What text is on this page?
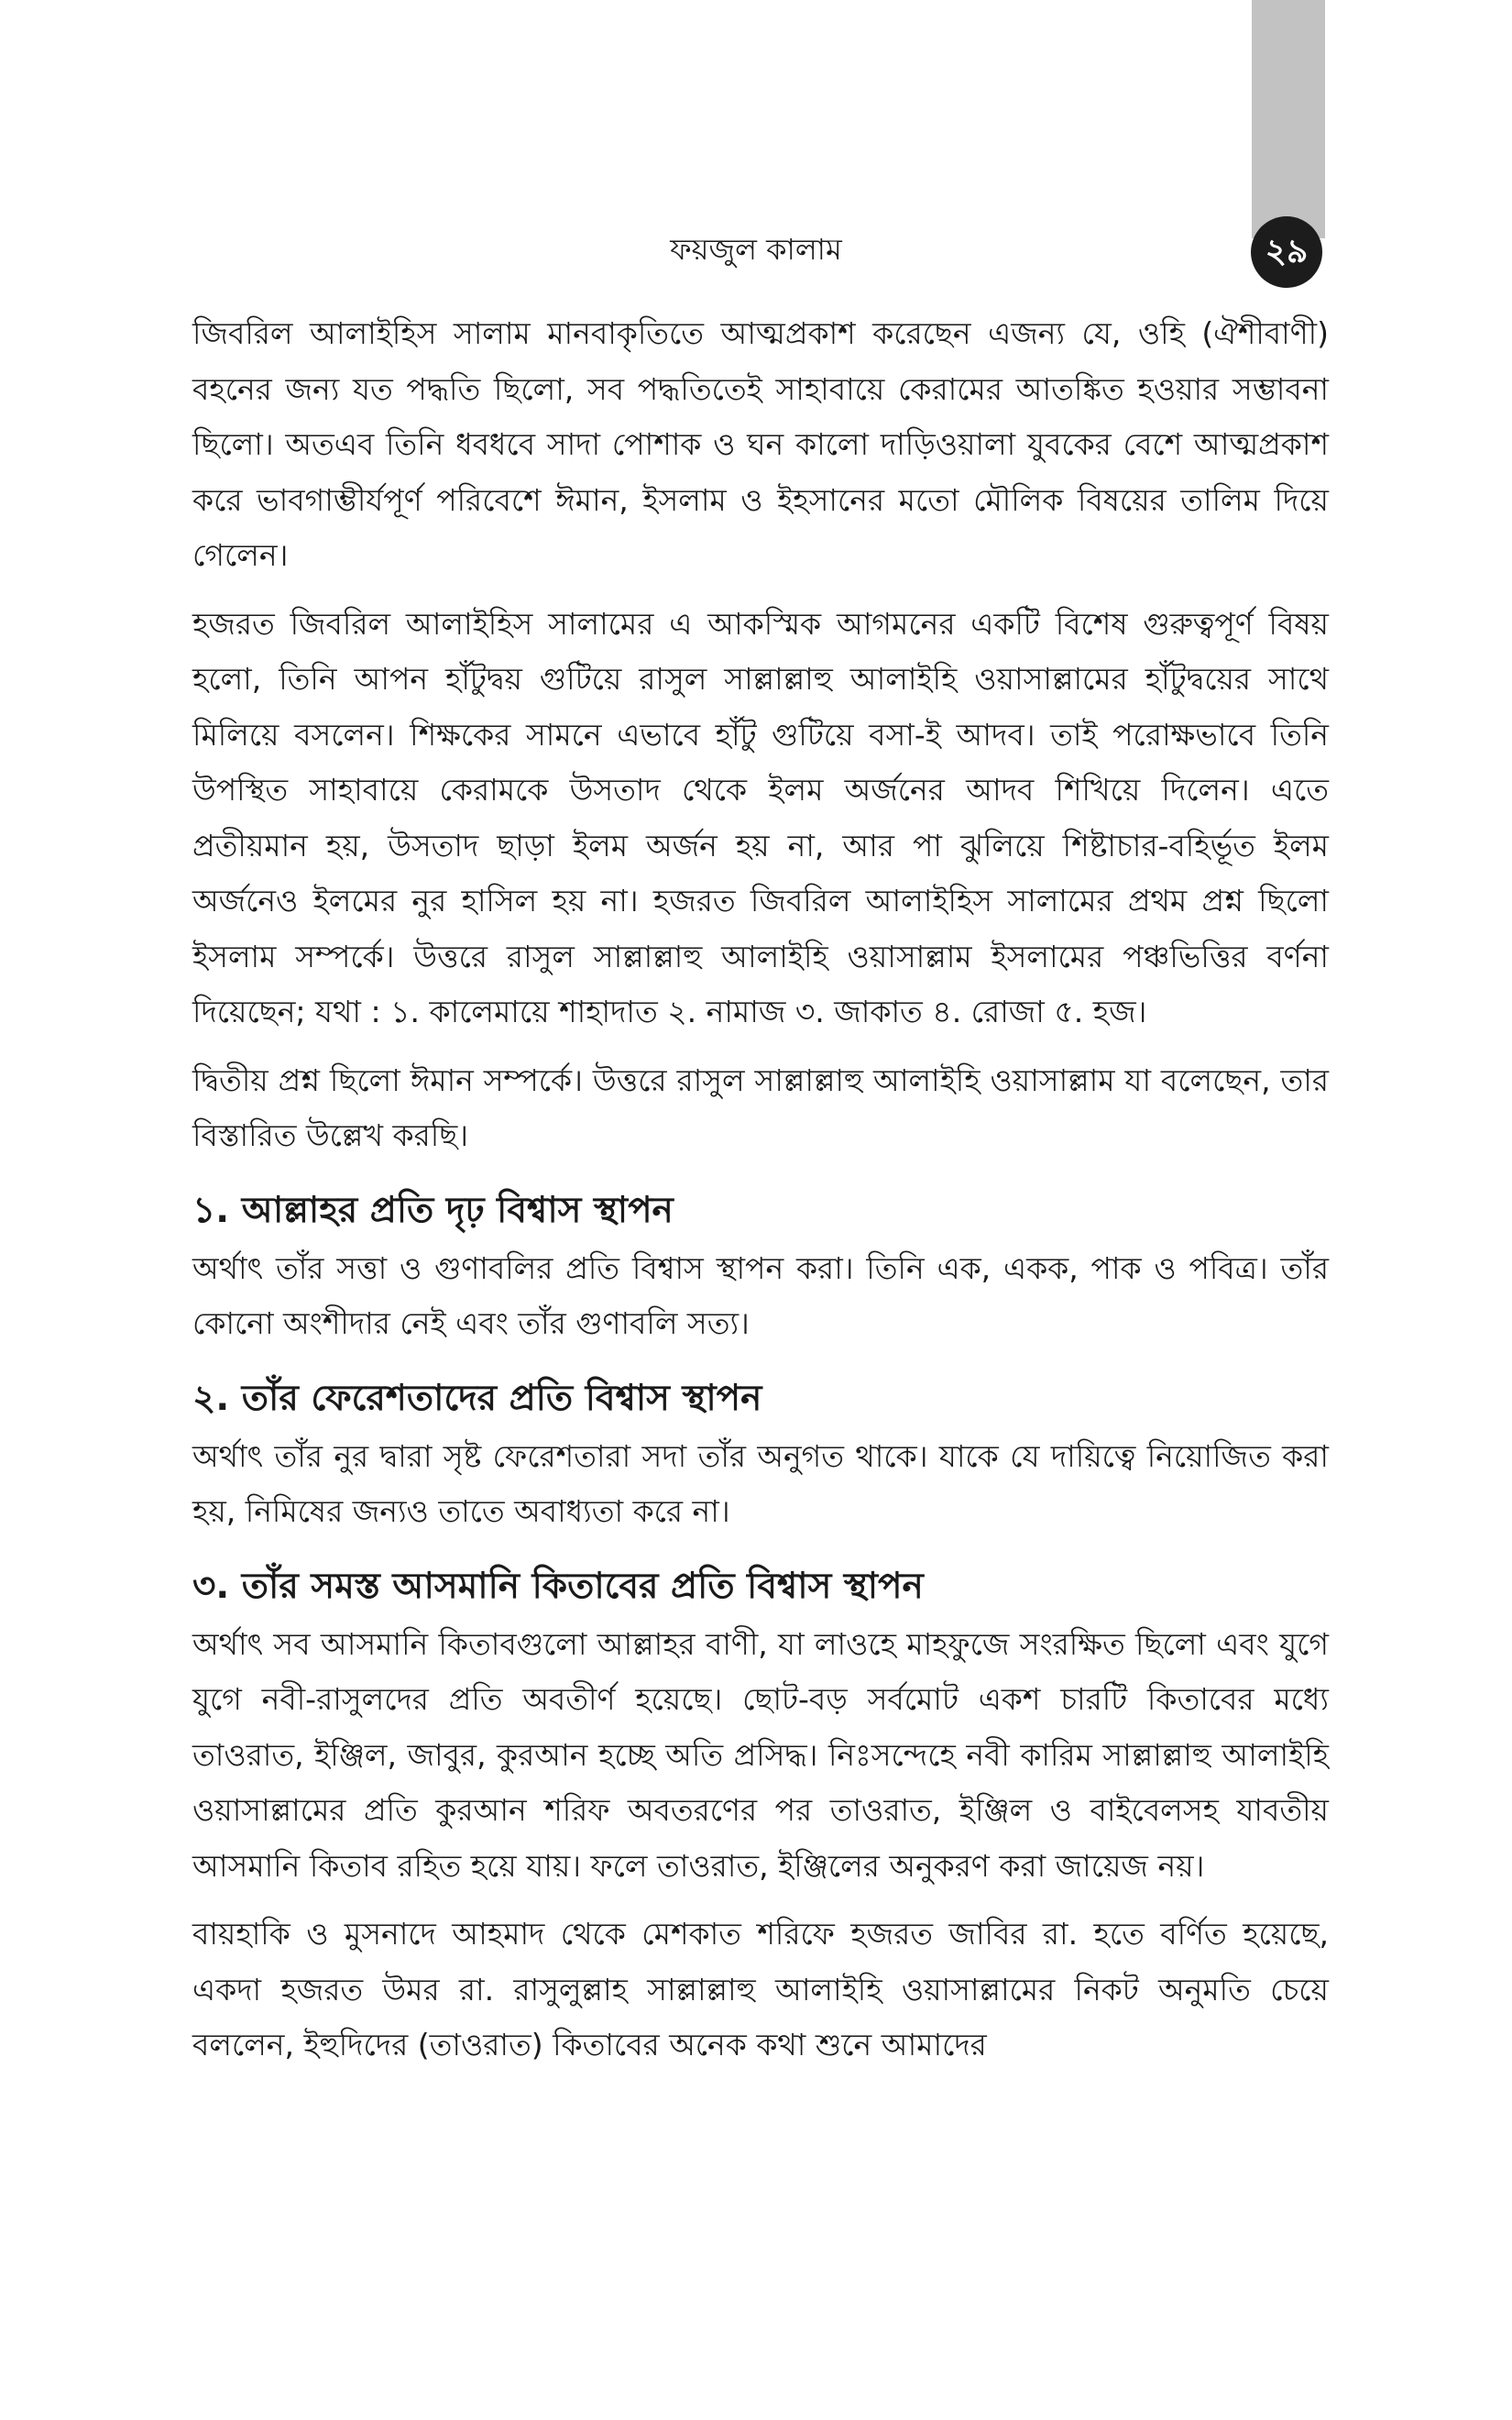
২৯
ফয়জুল কালাম

জিবরিল আলাইহিস সালাম মানবাকৃতিতে আত্মপ্রকাশ করেছেন এজন্য যে, ওহি (ঐশীবাণী) বহনের জন্য যত পদ্ধতি ছিলো, সব পদ্ধতিতেই সাহাবায়ে কেরামের আতঙ্কিত হওয়ার সম্ভাবনা ছিলো। অতএব তিনি ধবধবে সাদা পোশাক ও ঘন কালো দাড়িওয়ালা যুবকের বেশে আত্মপ্রকাশ করে ভাবগাম্ভীর্যপূর্ণ পরিবেশে ঈমান, ইসলাম ও ইহসানের মতো মৌলিক বিষয়ের তালিম দিয়ে গেলেন।

হজরত জিবরিল আলাইহিস সালামের এ আকস্মিক আগমনের একটি বিশেষ গুরুত্বপূর্ণ বিষয় হলো, তিনি আপন হাঁটুদ্বয় গুটিয়ে রাসুল সাল্লাল্লাহু আলাইহি ওয়াসাল্লামের হাঁটুদ্বয়ের সাথে মিলিয়ে বসলেন। শিক্ষকের সামনে এভাবে হাঁটু গুটিয়ে বসা-ই আদব। তাই পরোক্ষভাবে তিনি উপস্থিত সাহাবায়ে কেরামকে উসতাদ থেকে ইলম অর্জনের আদব শিখিয়ে দিলেন। এতে প্রতীয়মান হয়, উসতাদ ছাড়া ইলম অর্জন হয় না, আর পা ঝুলিয়ে শিষ্টাচার-বহির্ভূত ইলম অর্জনেও ইলমের নুর হাসিল হয় না। হজরত জিবরিল আলাইহিস সালামের প্রথম প্রশ্ন ছিলো ইসলাম সম্পর্কে। উত্তরে রাসুল সাল্লাল্লাহু আলাইহি ওয়াসাল্লাম ইসলামের পঞ্চভিত্তির বর্ণনা দিয়েছেন; যথা : ১. কালেমায়ে শাহাদাত ২. নামাজ ৩. জাকাত ৪. রোজা ৫. হজ।

দ্বিতীয় প্রশ্ন ছিলো ঈমান সম্পর্কে। উত্তরে রাসুল সাল্লাল্লাহু আলাইহি ওয়াসাল্লাম যা বলেছেন, তার বিস্তারিত উল্লেখ করছি।

১. আল্লাহর প্রতি দৃঢ় বিশ্বাস স্থাপন

অর্থাৎ তাঁর সত্তা ও গুণাবলির প্রতি বিশ্বাস স্থাপন করা। তিনি এক, একক, পাক ও পবিত্র। তাঁর কোনো অংশীদার নেই এবং তাঁর গুণাবলি সত্য।

২. তাঁর ফেরেশতাদের প্রতি বিশ্বাস স্থাপন

অর্থাৎ তাঁর নুর দ্বারা সৃষ্ট ফেরেশতারা সদা তাঁর অনুগত থাকে। যাকে যে দায়িত্বে নিয়োজিত করা হয়, নিমিষের জন্যও তাতে অবাধ্যতা করে না।

৩. তাঁর সমস্ত আসমানি কিতাবের প্রতি বিশ্বাস স্থাপন

অর্থাৎ সব আসমানি কিতাবগুলো আল্লাহর বাণী, যা লাওহে মাহফুজে সংরক্ষিত ছিলো এবং যুগে যুগে নবী-রাসুলদের প্রতি অবতীর্ণ হয়েছে। ছোট-বড় সর্বমোট একশ চারটি কিতাবের মধ্যে তাওরাত, ইঞ্জিল, জাবুর, কুরআন হচ্ছে অতি প্রসিদ্ধ। নিঃসন্দেহে নবী কারিম সাল্লাল্লাহু আলাইহি ওয়াসাল্লামের প্রতি কুরআন শরিফ অবতরণের পর তাওরাত, ইঞ্জিল ও বাইবেলসহ যাবতীয় আসমানি কিতাব রহিত হয়ে যায়। ফলে তাওরাত, ইঞ্জিলের অনুকরণ করা জায়েজ নয়।

বায়হাকি ও মুসনাদে আহমাদ থেকে মেশকাত শরিফে হজরত জাবির রা. হতে বর্ণিত হয়েছে, একদা হজরত উমর রা. রাসুলুল্লাহ সাল্লাল্লাহু আলাইহি ওয়াসাল্লামের নিকট অনুমতি চেয়ে বললেন, ইহুদিদের (তাওরাত) কিতাবের অনেক কথা শুনে আমাদের
